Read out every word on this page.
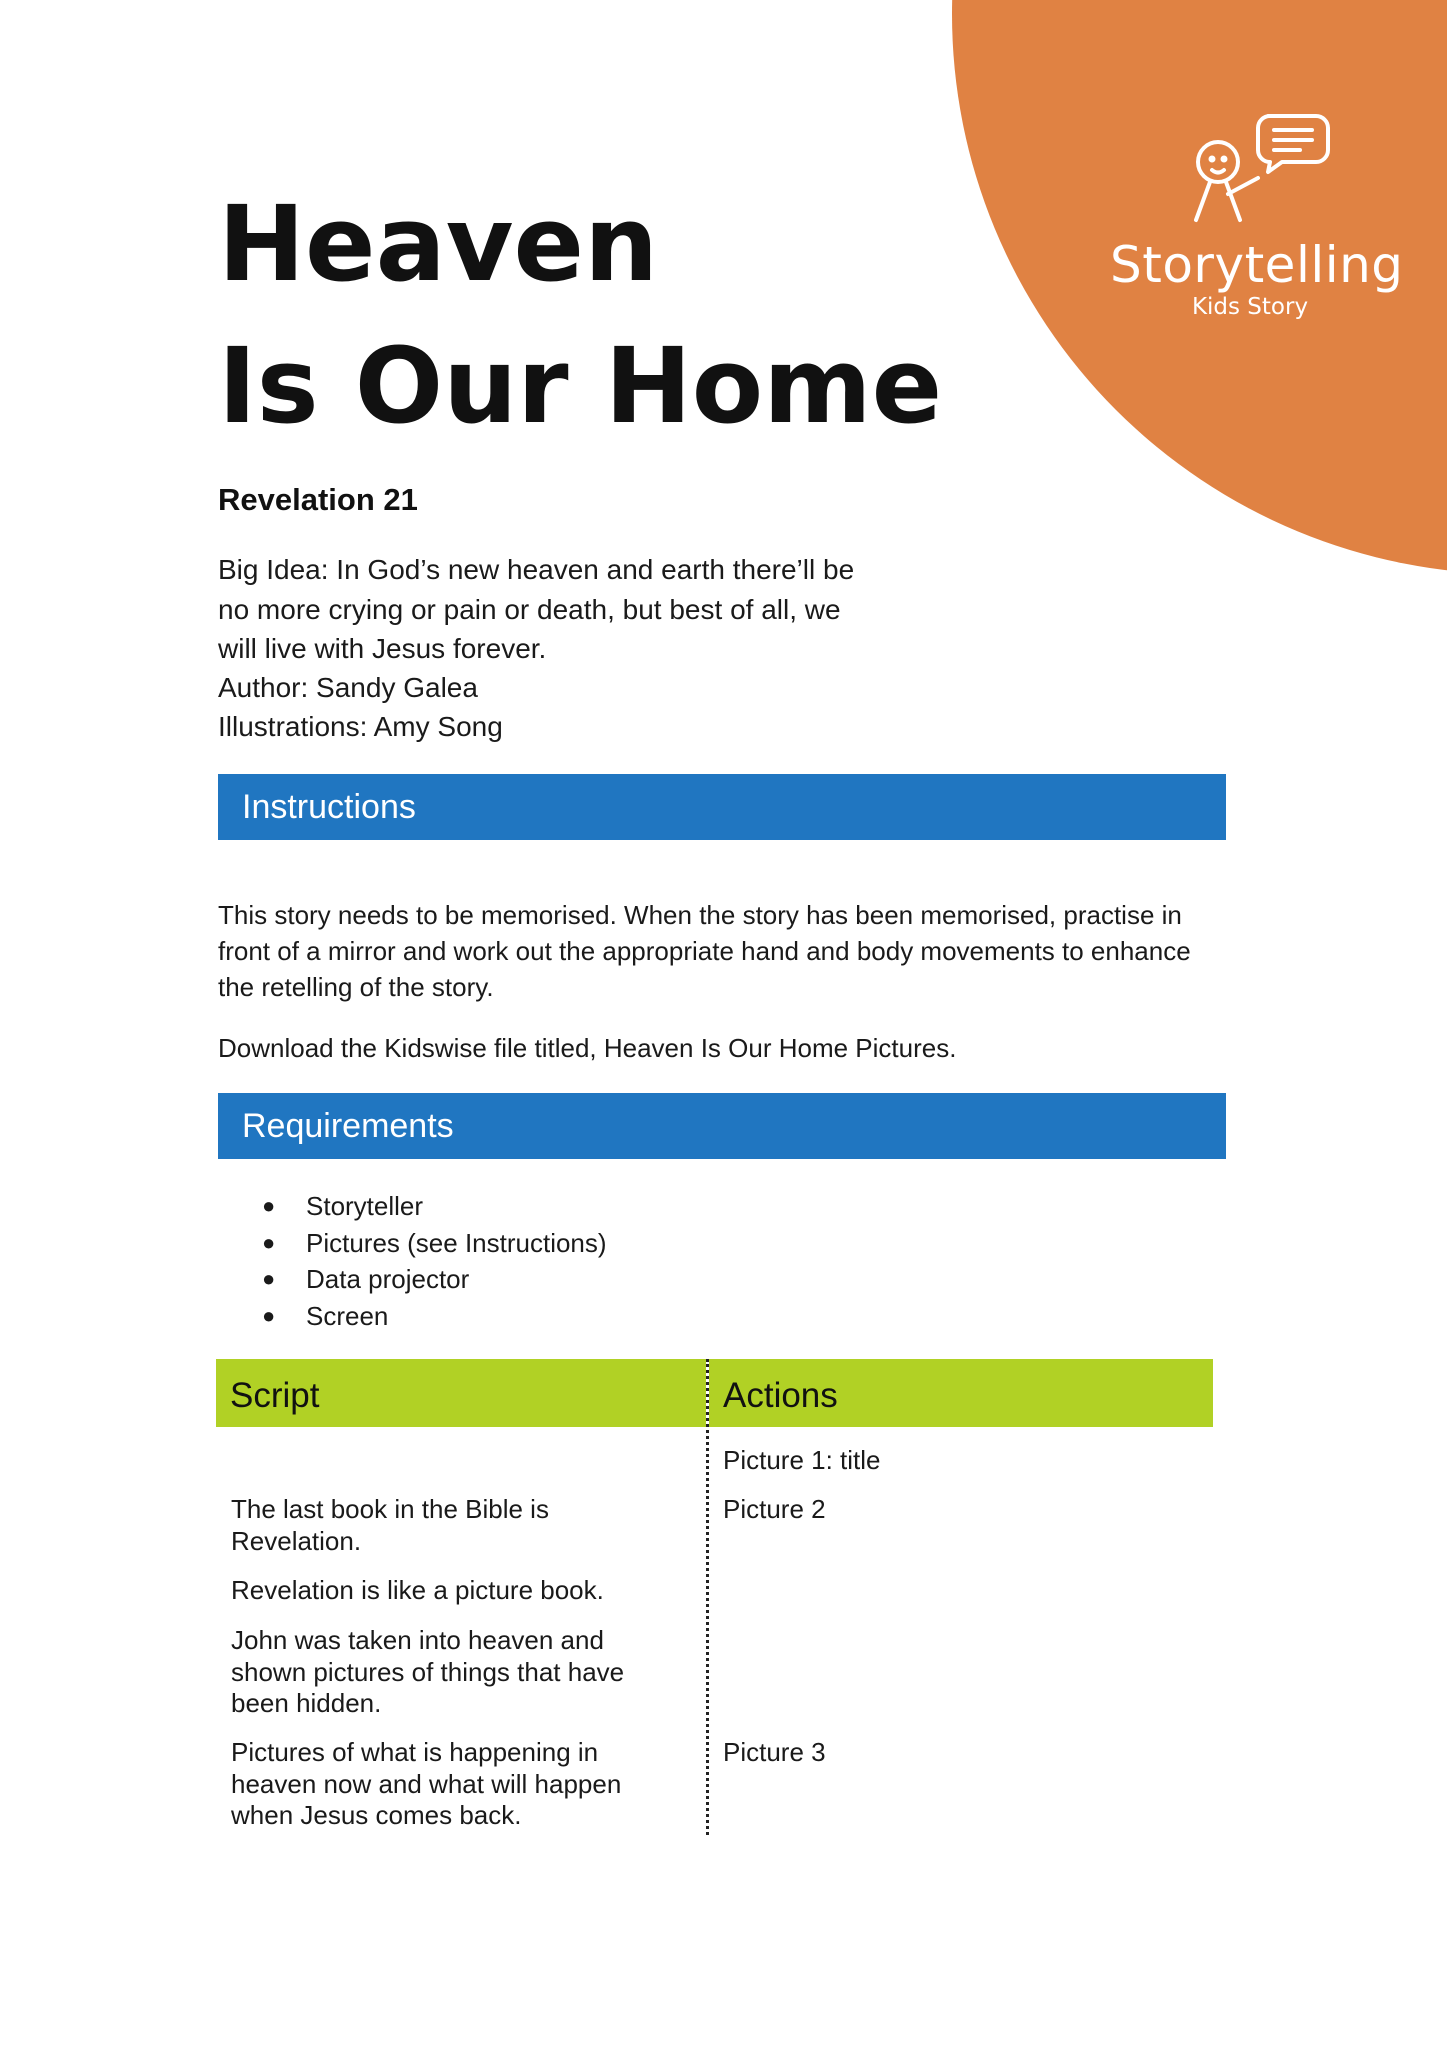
Storytelling
Kids Story
Heaven
Is Our Home
Revelation 21
Big Idea: In God’s new heaven and earth there’ll be
no more crying or pain or death, but best of all, we
will live with Jesus forever.
Author: Sandy Galea
Illustrations: Amy Song
Instructions
This story needs to be memorised. When the story has been memorised, practise in front of a mirror and work out the appropriate hand and body movements to enhance the retelling of the story.
Download the Kidswise file titled, Heaven Is Our Home Pictures.
Requirements
● Storyteller
● Pictures (see Instructions)
● Data projector
● Screen
Script	Actions
Picture 1: title
The last book in the Bible is Revelation.
Picture 2
Revelation is like a picture book.
John was taken into heaven and shown pictures of things that have been hidden.
Pictures of what is happening in heaven now and what will happen when Jesus comes back.
Picture 3
